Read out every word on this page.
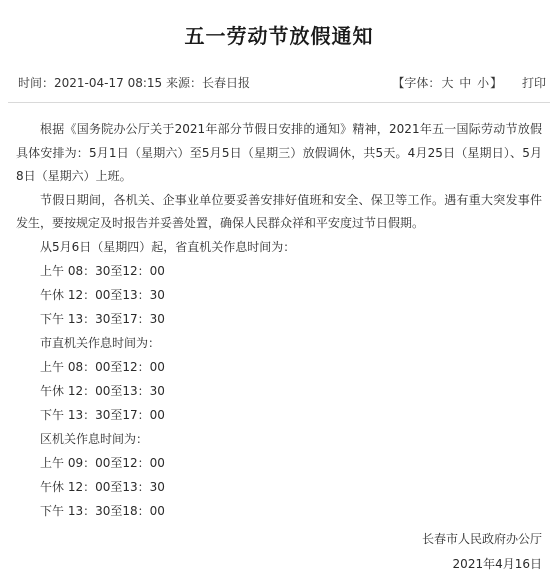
五一劳动节放假通知
时间：2021-04-17 08:15 来源：长春日报	【字体：大 中 小】 打印

根据《国务院办公厅关于2021年部分节假日安排的通知》精神，2021年五一国际劳动节放假具体安排为：5月1日（星期六）至5月5日（星期三）放假调休，共5天。4月25日（星期日）、5月8日（星期六）上班。

节假日期间，各机关、企事业单位要妥善安排好值班和安全、保卫等工作。遇有重大突发事件发生，要按规定及时报告并妥善处置，确保人民群众祥和平安度过节日假期。

从5月6日（星期四）起，省直机关作息时间为：
上午 08：30至12：00
午休 12：00至13：30
下午 13：30至17：30
市直机关作息时间为：
上午 08：00至12：00
午休 12：00至13：30
下午 13：30至17：00
区机关作息时间为：
上午 09：00至12：00
午休 12：00至13：30
下午 13：30至18：00
长春市人民政府办公厅
2021年4月16日
